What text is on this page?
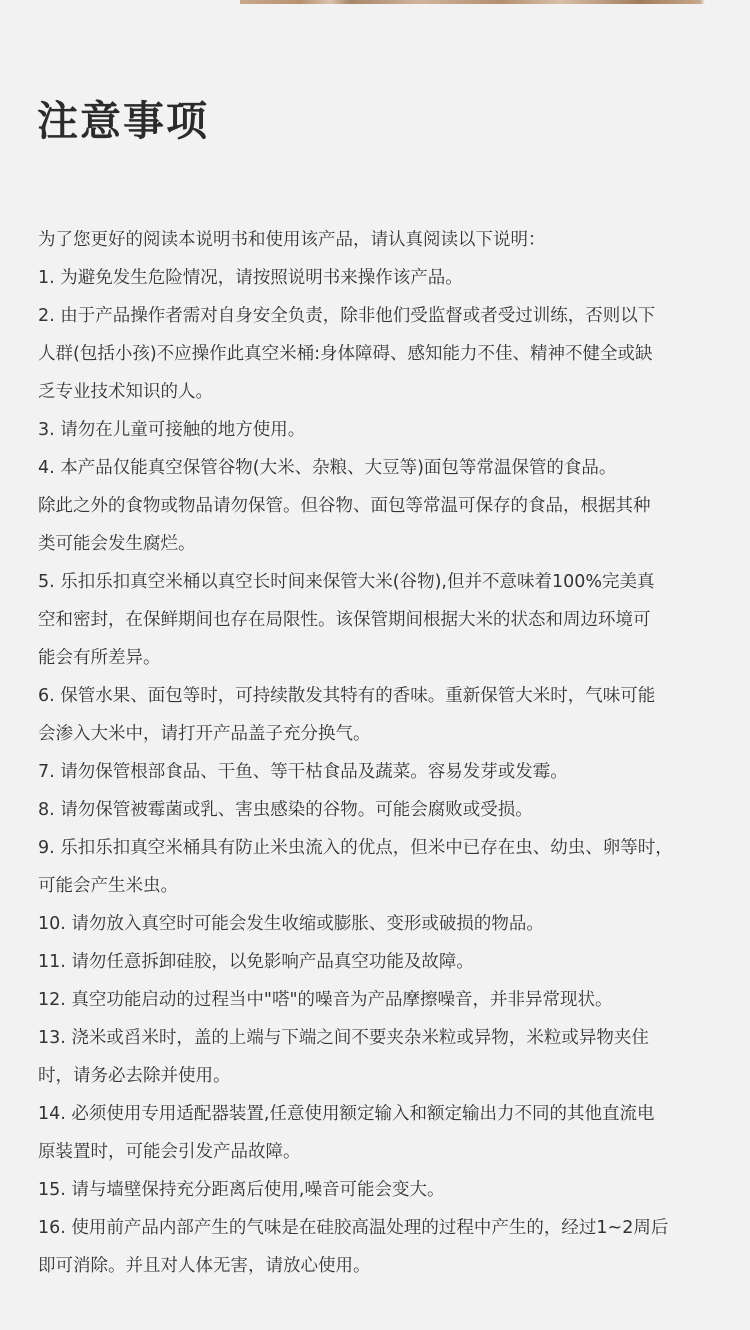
注意事项

为了您更好的阅读本说明书和使用该产品，请认真阅读以下说明：

1. 为避免发生危险情况，请按照说明书来操作该产品。

2. 由于产品操作者需对自身安全负责，除非他们受监督或者受过训练，否则以下

人群(包括小孩)不应操作此真空米桶:身体障碍、感知能力不佳、精神不健全或缺

乏专业技术知识的人。

3. 请勿在儿童可接触的地方使用。

4. 本产品仅能真空保管谷物(大米、杂粮、大豆等)面包等常温保管的食品。

除此之外的食物或物品请勿保管。但谷物、面包等常温可保存的食品，根据其种

类可能会发生腐烂。

5. 乐扣乐扣真空米桶以真空长时间来保管大米(谷物),但并不意味着100%完美真

空和密封，在保鲜期间也存在局限性。该保管期间根据大米的状态和周边环境可

能会有所差异。

6. 保管水果、面包等时，可持续散发其特有的香味。重新保管大米时，气味可能

会渗入大米中，请打开产品盖子充分换气。

7. 请勿保管根部食品、干鱼、等干枯食品及蔬菜。容易发芽或发霉。

8. 请勿保管被霉菌或乳、害虫感染的谷物。可能会腐败或受损。

9. 乐扣乐扣真空米桶具有防止米虫流入的优点，但米中已存在虫、幼虫、卵等时，

可能会产生米虫。

10. 请勿放入真空时可能会发生收缩或膨胀、变形或破损的物品。

11. 请勿任意拆卸硅胶，以免影响产品真空功能及故障。

12. 真空功能启动的过程当中"嗒"的噪音为产品摩擦噪音，并非异常现状。

13. 浇米或舀米时，盖的上端与下端之间不要夹杂米粒或异物，米粒或异物夹住

时，请务必去除并使用。

14. 必须使用专用适配器装置,任意使用额定输入和额定输出力不同的其他直流电

原装置时，可能会引发产品故障。

15. 请与墙壁保持充分距离后使用,噪音可能会变大。

16. 使用前产品内部产生的气味是在硅胶高温处理的过程中产生的，经过1~2周后

即可消除。并且对人体无害，请放心使用。
